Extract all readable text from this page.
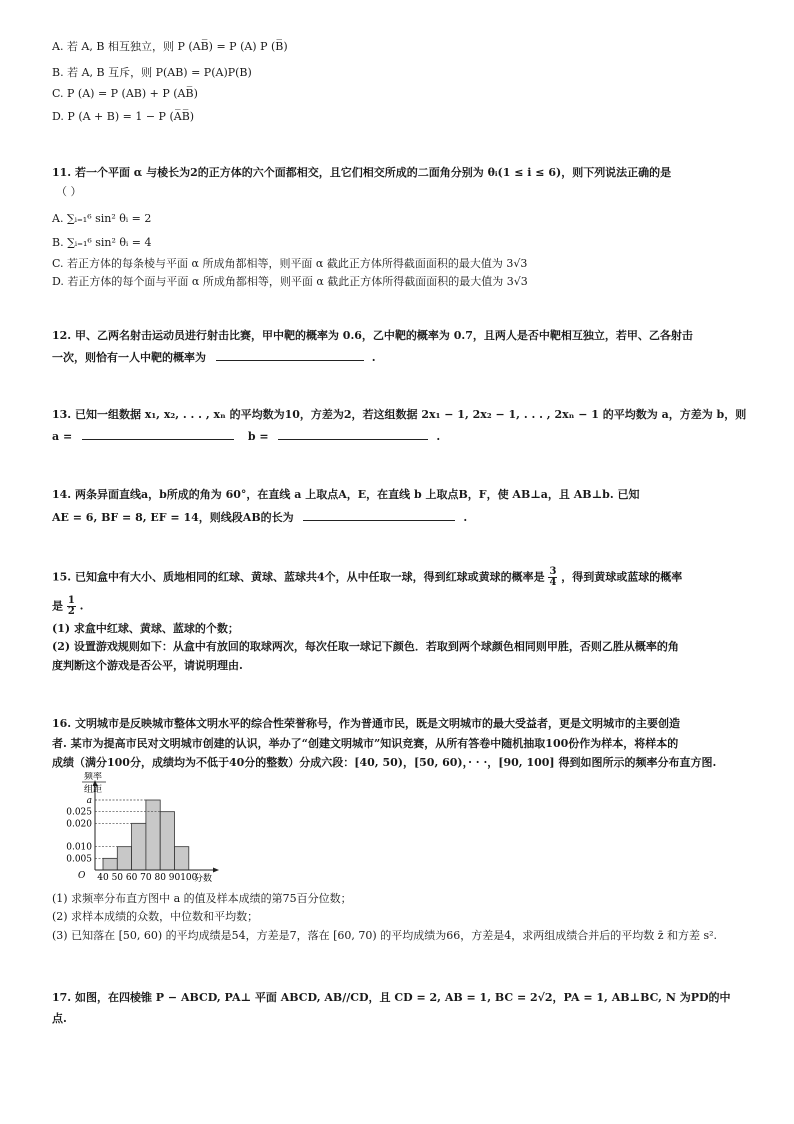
A. 若 A, B 相互独立，则 P (AB̅) = P (A) P (B̅)
B. 若 A, B 互斥，则 P(AB) = P(A)P(B)
C. P (A) = P (AB) + P (AB̅)
D. P (A + B) = 1 − P (A̅B̅)
11. 若一个平面 α 与棱长为2的正方体的六个面都相交，且它们相交所成的二面角分别为 θᵢ(1 ≤ i ≤ 6)，则下列说法正确的是
（ ）
A. ∑ᵢ₌₁⁶ sin² θᵢ = 2
B. ∑ᵢ₌₁⁶ sin² θᵢ = 4
C. 若正方体的每条棱与平面 α 所成角都相等，则平面 α 截此正方体所得截面面积的最大值为 3√3
D. 若正方体的每个面与平面 α 所成角都相等，则平面 α 截此正方体所得截面面积的最大值为 3√3
12. 甲、乙两名射击运动员进行射击比赛，甲中靶的概率为 0.6，乙中靶的概率为 0.7，且两人是否中靶相互独立，若甲、乙各射击
一次，则恰有一人中靶的概率为	.
13. 已知一组数据 x₁, x₂, . . . , xₙ 的平均数为10，方差为2，若这组数据 2x₁ − 1, 2x₂ − 1, . . . , 2xₙ − 1 的平均数为 a，方差为 b，则
a =	b =	.
14. 两条异面直线a，b所成的角为 60°，在直线 a 上取点A，E，在直线 b 上取点B，F，使 AB⊥a，且 AB⊥b. 已知
AE = 6, BF = 8, EF = 14，则线段AB的长为	.
15. 已知盒中有大小、质地相同的红球、黄球、蓝球共4个，从中任取一球，得到红球或黄球的概率是 $\frac{3}{4}$ ，得到黄球或蓝球的概率
是 $\frac{1}{2}$ .
(1) 求盒中红球、黄球、蓝球的个数；
(2) 设置游戏规则如下：从盒中有放回的取球两次，每次任取一球记下颜色．若取到两个球颜色相同则甲胜，否则乙胜从概率的角
度判断这个游戏是否公平，请说明理由.
16. 文明城市是反映城市整体文明水平的综合性荣誉称号，作为普通市民，既是文明城市的最大受益者，更是文明城市的主要创造
者. 某市为提高市民对文明城市创建的认识，举办了“创建文明城市”知识竞赛，从所有答卷中随机抽取100份作为样本，将样本的
成绩（满分100分，成绩均为不低于40分的整数）分成六段：[40, 50)，[50, 60)，· · ·，[90, 100] 得到如图所示的频率分布直方图.
0.005
0.010
0.020
0.025
a
40 50 60 70 80 90 100
频率
组距
分数
O
(1) 求频率分布直方图中 a 的值及样本成绩的第75百分位数；
(2) 求样本成绩的众数，中位数和平均数；
(3) 已知落在 [50, 60) 的平均成绩是54，方差是7，落在 [60, 70) 的平均成绩为66，方差是4，求两组成绩合并后的平均数 z̄ 和方差 s².
17. 如图，在四棱锥 P − ABCD, PA⊥ 平面 ABCD, AB//CD，且 CD = 2, AB = 1, BC = 2√2，PA = 1, AB⊥BC, N 为PD的中
点.
